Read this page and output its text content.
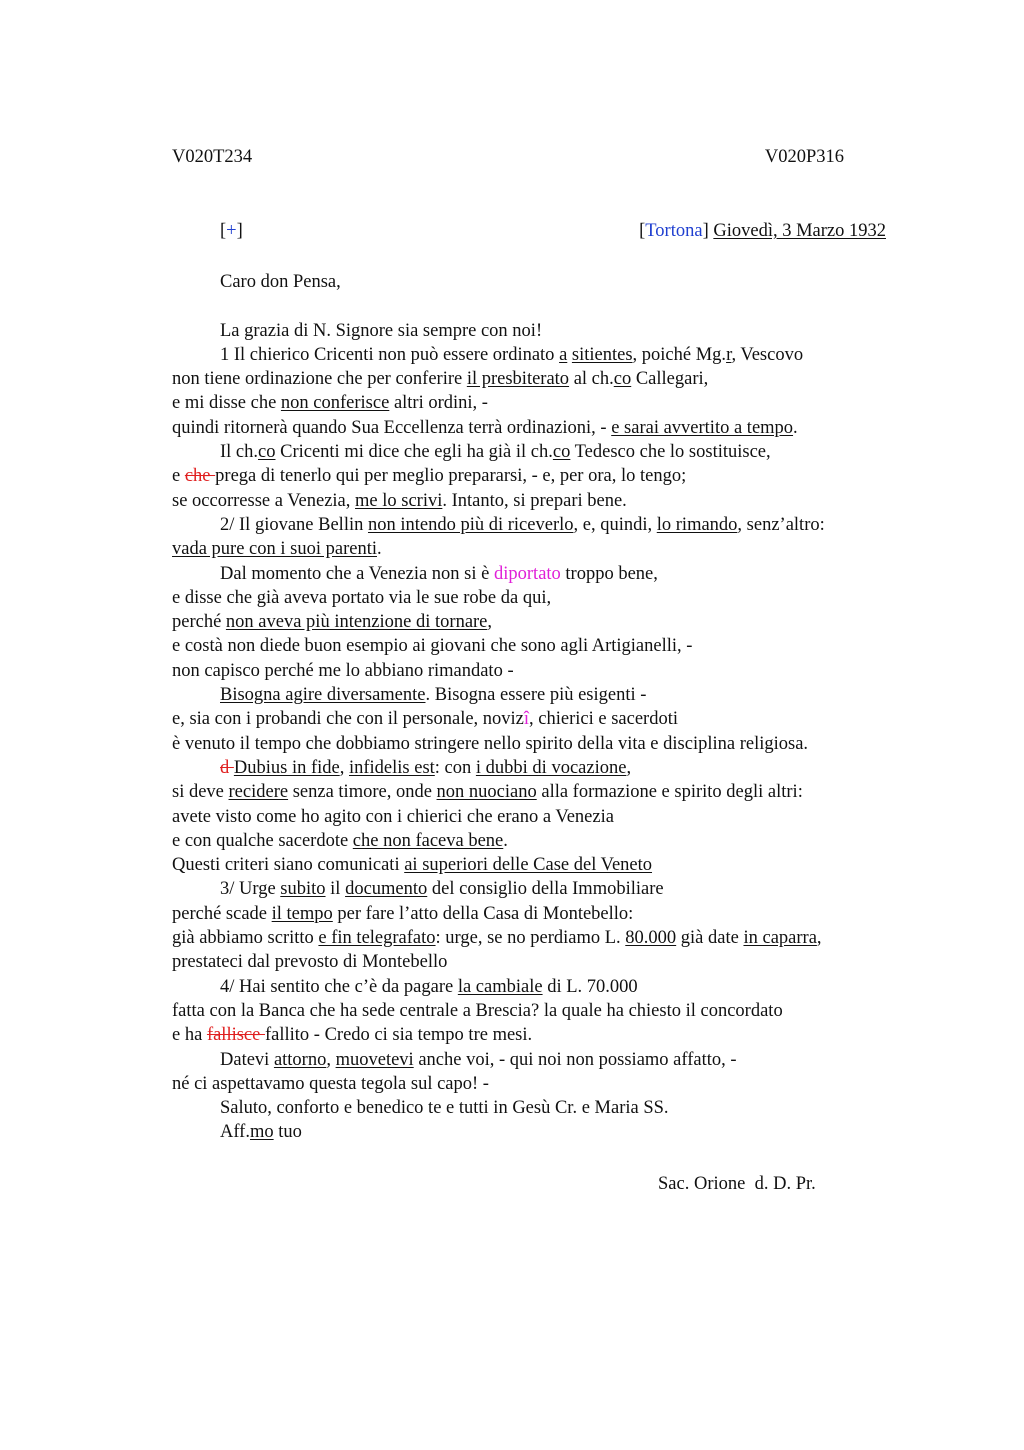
V020T234	V020P316
[+]	[Tortona] Giovedì, 3 Marzo 1932
Caro don Pensa,
La grazia di N. Signore sia sempre con noi!
1 Il chierico Cricenti non può essere ordinato a sitientes, poiché Mg.r, Vescovo
non tiene ordinazione che per conferire il presbiterato al ch.co Callegari,
e mi disse che non conferisce altri ordini, -
quindi ritornerà quando Sua Eccellenza terrà ordinazioni, - e sarai avvertito a tempo.
Il ch.co Cricenti mi dice che egli ha già il ch.co Tedesco che lo sostituisce,
e che prega di tenerlo qui per meglio prepararsi, - e, per ora, lo tengo;
se occorresse a Venezia, me lo scrivi. Intanto, si prepari bene.
2/ Il giovane Bellin non intendo più di riceverlo, e, quindi, lo rimando, senz’altro:
vada pure con i suoi parenti.
Dal momento che a Venezia non si è diportato troppo bene,
e disse che già aveva portato via le sue robe da qui,
perché non aveva più intenzione di tornare,
e costà non diede buon esempio ai giovani che sono agli Artigianelli, -
non capisco perché me lo abbiano rimandato -
Bisogna agire diversamente. Bisogna essere più esigenti -
e, sia con i probandi che con il personale, novizî, chierici e sacerdoti
è venuto il tempo che dobbiamo stringere nello spirito della vita e disciplina religiosa.
d Dubius in fide, infidelis est: con i dubbi di vocazione,
si deve recidere senza timore, onde non nuociano alla formazione e spirito degli altri:
avete visto come ho agito con i chierici che erano a Venezia
e con qualche sacerdote che non faceva bene.
Questi criteri siano comunicati ai superiori delle Case del Veneto
3/ Urge subito il documento del consiglio della Immobiliare
perché scade il tempo per fare l’atto della Casa di Montebello:
già abbiamo scritto e fin telegrafato: urge, se no perdiamo L. 80.000 già date in caparra,
prestateci dal prevosto di Montebello
4/ Hai sentito che c’è da pagare la cambiale di L. 70.000
fatta con la Banca che ha sede centrale a Brescia? la quale ha chiesto il concordato
e ha fallisce fallito - Credo ci sia tempo tre mesi.
Datevi attorno, muovetevi anche voi, - qui noi non possiamo affatto, -
né ci aspettavamo questa tegola sul capo! -
Saluto, conforto e benedico te e tutti in Gesù Cr. e Maria SS.
Aff.mo tuo
Sac. Orione  d. D. Pr.
